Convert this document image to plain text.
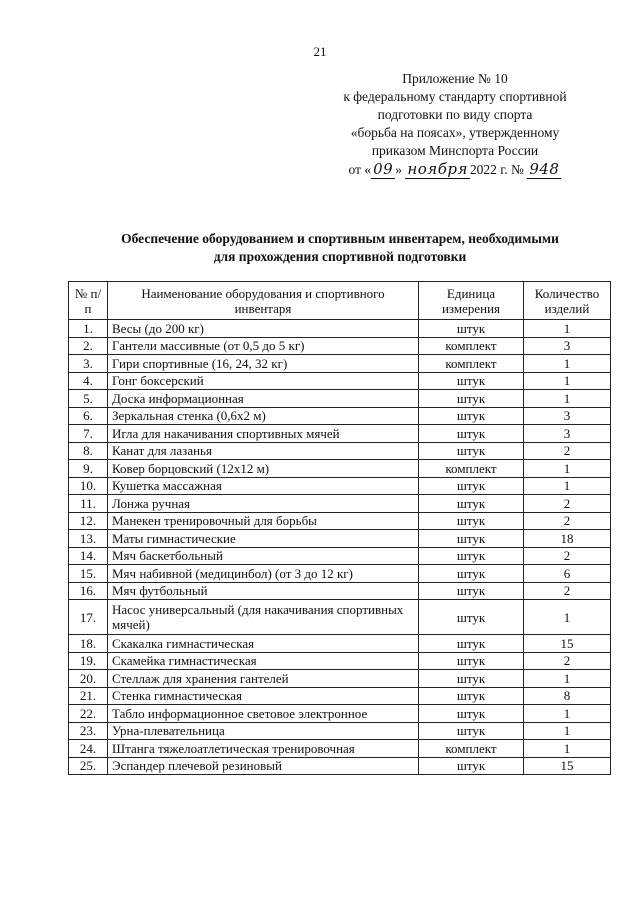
21
Приложение № 10
к федеральному стандарту спортивной
подготовки по виду спорта
«борьба на поясах», утвержденному
приказом Минспорта России
от « 09 » ноября 2022 г. № 948
Обеспечение оборудованием и спортивным инвентарем, необходимыми
для прохождения спортивной подготовки
№ п/п	Наименование оборудования и спортивного инвентаря	Единица измерения	Количество изделий
1.	Весы (до 200 кг)	штук	1
2.	Гантели массивные (от 0,5 до 5 кг)	комплект	3
3.	Гири спортивные (16, 24, 32 кг)	комплект	1
4.	Гонг боксерский	штук	1
5.	Доска информационная	штук	1
6.	Зеркальная стенка (0,6x2 м)	штук	3
7.	Игла для накачивания спортивных мячей	штук	3
8.	Канат для лазанья	штук	2
9.	Ковер борцовский (12x12 м)	комплект	1
10.	Кушетка массажная	штук	1
11.	Лонжа ручная	штук	2
12.	Манекен тренировочный для борьбы	штук	2
13.	Маты гимнастические	штук	18
14.	Мяч баскетбольный	штук	2
15.	Мяч набивной (медицинбол) (от 3 до 12 кг)	штук	6
16.	Мяч футбольный	штук	2
17.	Насос универсальный (для накачивания спортивных мячей)	штук	1
18.	Скакалка гимнастическая	штук	15
19.	Скамейка гимнастическая	штук	2
20.	Стеллаж для хранения гантелей	штук	1
21.	Стенка гимнастическая	штук	8
22.	Табло информационное световое электронное	штук	1
23.	Урна-плевательница	штук	1
24.	Штанга тяжелоатлетическая тренировочная	комплект	1
25.	Эспандер плечевой резиновый	штук	15
